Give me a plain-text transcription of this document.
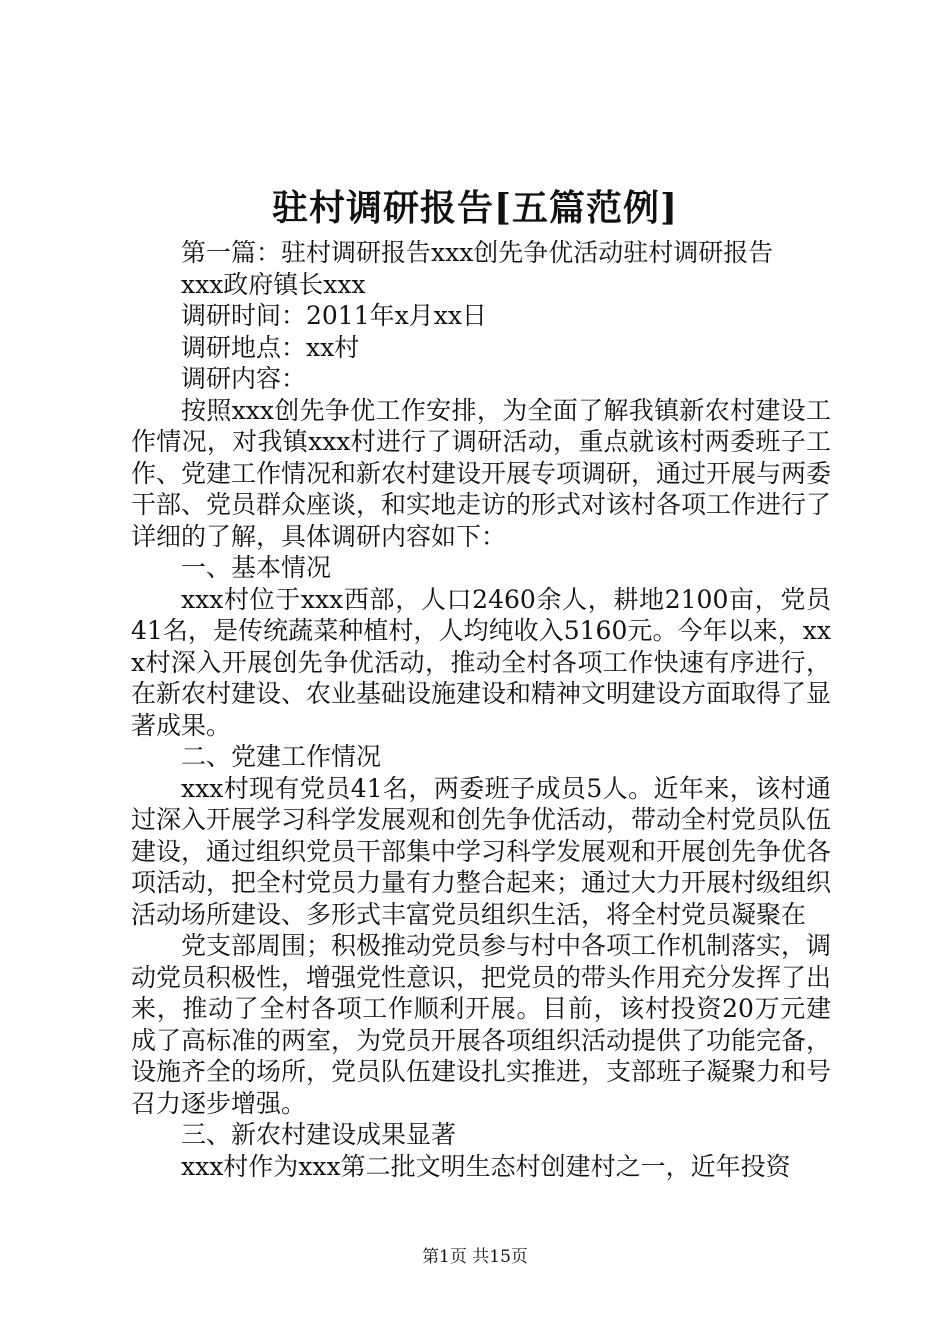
驻村调研报告[五篇范例]

第一篇：驻村调研报告xxx创先争优活动驻村调研报告

xxx政府镇长xxx

调研时间：2011年x月xx日

调研地点：xx村

调研内容：

按照xxx创先争优工作安排，为全面了解我镇新农村建设工作情况，对我镇xxx村进行了调研活动，重点就该村两委班子工作、党建工作情况和新农村建设开展专项调研，通过开展与两委干部、党员群众座谈，和实地走访的形式对该村各项工作进行了详细的了解，具体调研内容如下：

一、基本情况

xxx村位于xxx西部，人口2460余人，耕地2100亩，党员41名，是传统蔬菜种植村，人均纯收入5160元。今年以来，xxx村深入开展创先争优活动，推动全村各项工作快速有序进行，在新农村建设、农业基础设施建设和精神文明建设方面取得了显著成果。

二、党建工作情况

xxx村现有党员41名，两委班子成员5人。近年来，该村通过深入开展学习科学发展观和创先争优活动，带动全村党员队伍建设，通过组织党员干部集中学习科学发展观和开展创先争优各项活动，把全村党员力量有力整合起来；通过大力开展村级组织活动场所建设、多形式丰富党员组织生活，将全村党员凝聚在

党支部周围；积极推动党员参与村中各项工作机制落实，调动党员积极性，增强党性意识，把党员的带头作用充分发挥了出来，推动了全村各项工作顺利开展。目前，该村投资20万元建成了高标准的两室，为党员开展各项组织活动提供了功能完备，设施齐全的场所，党员队伍建设扎实推进，支部班子凝聚力和号召力逐步增强。

三、新农村建设成果显著

xxx村作为xxx第二批文明生态村创建村之一，近年投资

第1页 共15页
